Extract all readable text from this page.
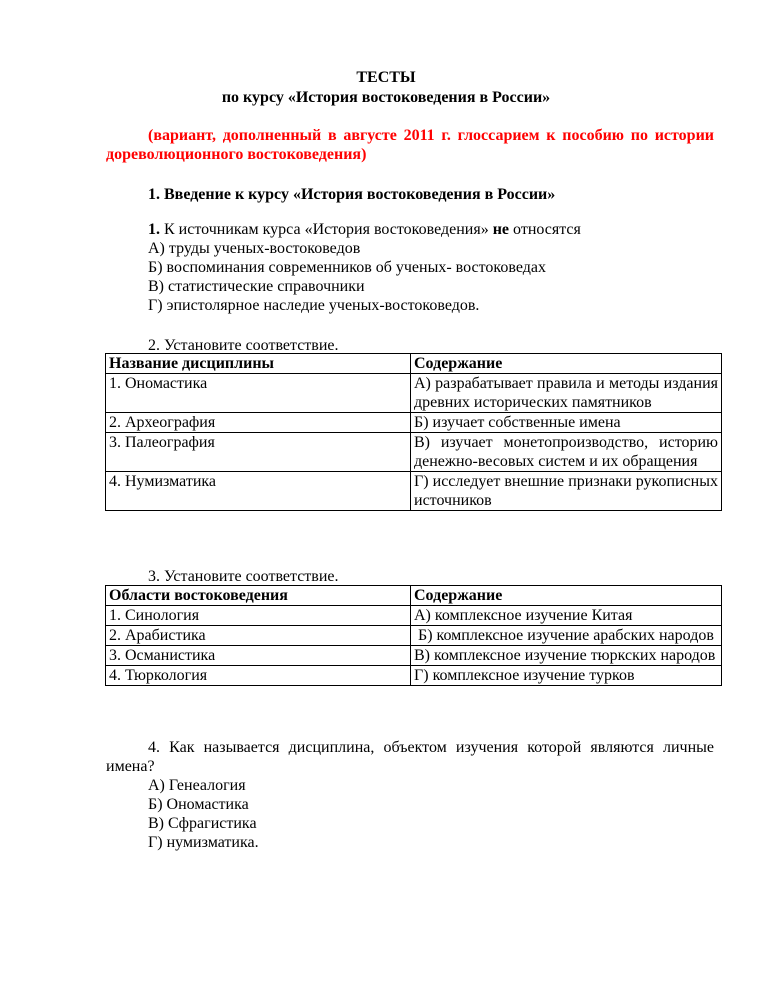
ТЕСТЫ
по курсу «История востоковедения в России»
(вариант, дополненный в августе 2011 г. глоссарием к пособию по истории дореволюционного востоковедения)
1. Введение к курсу «История востоковедения в России»
1. К источникам курса «История востоковедения» не относятся
А) труды ученых-востоковедов
Б) воспоминания современников об ученых- востоковедах
В) статистические справочники
Г) эпистолярное наследие ученых-востоковедов.
2. Установите соответствие.
Название дисциплины	Содержание
1. Ономастика	А) разрабатывает правила и методы издания древних исторических памятников
2. Археография	Б) изучает собственные имена
3. Палеография	В) изучает монетопроизводство, историю денежно-весовых систем и их обращения
4. Нумизматика	Г) исследует внешние признаки рукописных источников
3. Установите соответствие.
Области востоковедения	Содержание
1. Синология	А) комплексное изучение Китая
2. Арабистика	Б) комплексное изучение арабских народов
3. Османистика	В) комплексное изучение тюркских народов
4. Тюркология	Г) комплексное изучение турков
4. Как называется дисциплина, объектом изучения которой являются личные имена?
А) Генеалогия
Б) Ономастика
В) Сфрагистика
Г) нумизматика.
